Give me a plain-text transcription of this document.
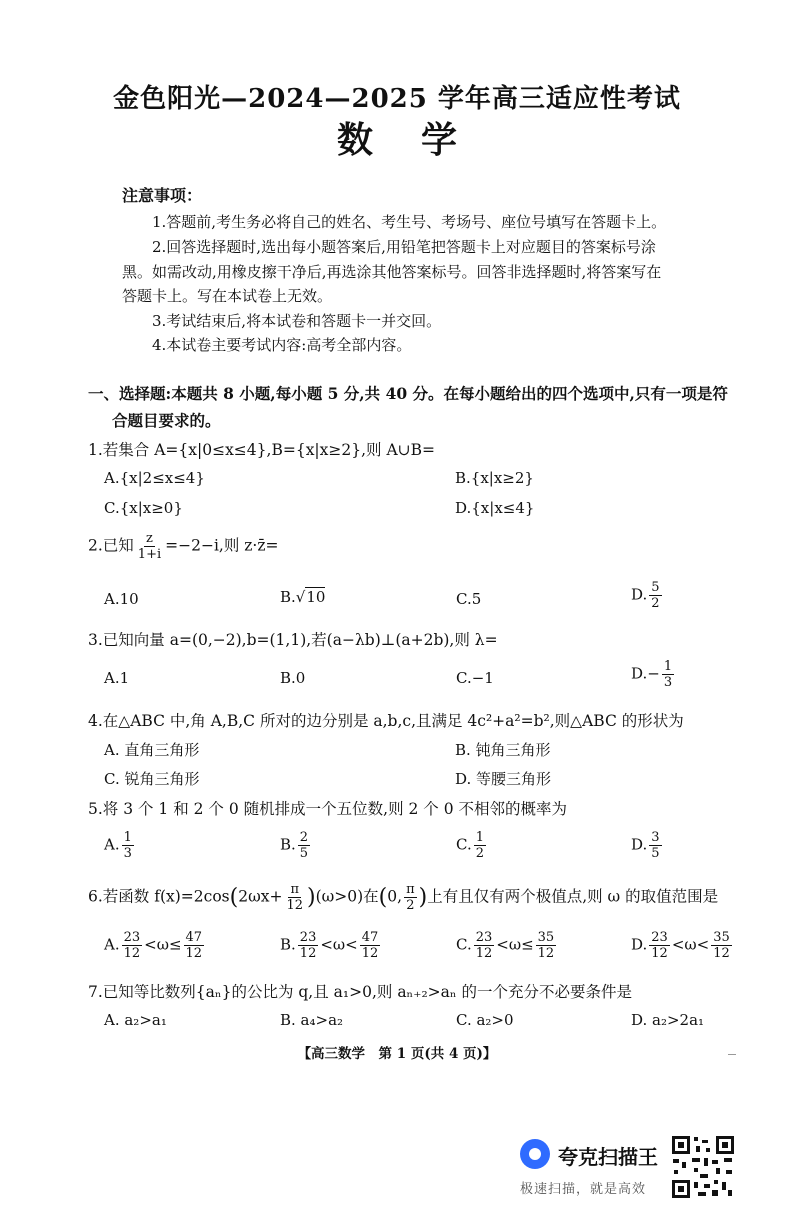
金色阳光—2024—2025 学年高三适应性考试
数学
注意事项：
1.答题前,考生务必将自己的姓名、考生号、考场号、座位号填写在答题卡上。
2.回答选择题时,选出每小题答案后,用铅笔把答题卡上对应题目的答案标号涂
黑。如需改动,用橡皮擦干净后,再选涂其他答案标号。回答非选择题时,将答案写在
答题卡上。写在本试卷上无效。
3.考试结束后,将本试卷和答题卡一并交回。
4.本试卷主要考试内容:高考全部内容。
一、选择题:本题共 8 小题,每小题 5 分,共 40 分。在每小题给出的四个选项中,只有一项是符
合题目要求的。
1.若集合 A={x|0≤x≤4},B={x|x≥2},则 A∪B=
A.{x|2≤x≤4}	B.{x|x≥2}
C.{x|x≥0}	D.{x|x≤4}
2.已知 $\frac{z}{1+i} =-2-i$,则 z·z̄=
A.10	B.√10	C.5	D. $\frac{5}{2}$
3.已知向量 a=(0,−2),b=(1,1),若(a−λb)⊥(a+2b),则 λ=
A.1	B.0	C.−1	$D.- \frac{1}{3}$
4.在△ABC 中,角 A,B,C 所对的边分别是 a,b,c,且满足 4c²+a²=b²,则△ABC 的形状为
A. 直角三角形	B. 钝角三角形
C. 锐角三角形	D. 等腰三角形
5.将 3 个 1 和 2 个 0 随机排成一个五位数,则 2 个 0 不相邻的概率为
A. $\frac{1}{3}$	B. $\frac{2}{5}$	C. $\frac{1}{2}$	D. $\frac{3}{5}$
6.若函数 $f(x)=2\cos(2\omega x+ \frac{\pi}{12} )(\omega>0)$在(0, $\frac{\pi}{2}$ )上有且仅有两个极值点,则 ω 的取值范围是
A. $\frac{23}{12} <\omega\le \frac{47}{12}$	B. $\frac{23}{12} <\omega< \frac{47}{12}$	C. $\frac{23}{12} <\omega\le \frac{35}{12}$	D. $\frac{23}{12} <\omega< \frac{35}{12}$
7.已知等比数列{aₙ}的公比为 q,且 a₁>0,则 aₙ₊₂>aₙ 的一个充分不必要条件是
A. a₂>a₁	B. a₄>a₂	C. a₂>0	D. a₂>2a₁
【高三数学　第 1 页(共 4 页)】
夸克扫描王
极速扫描，就是高效
